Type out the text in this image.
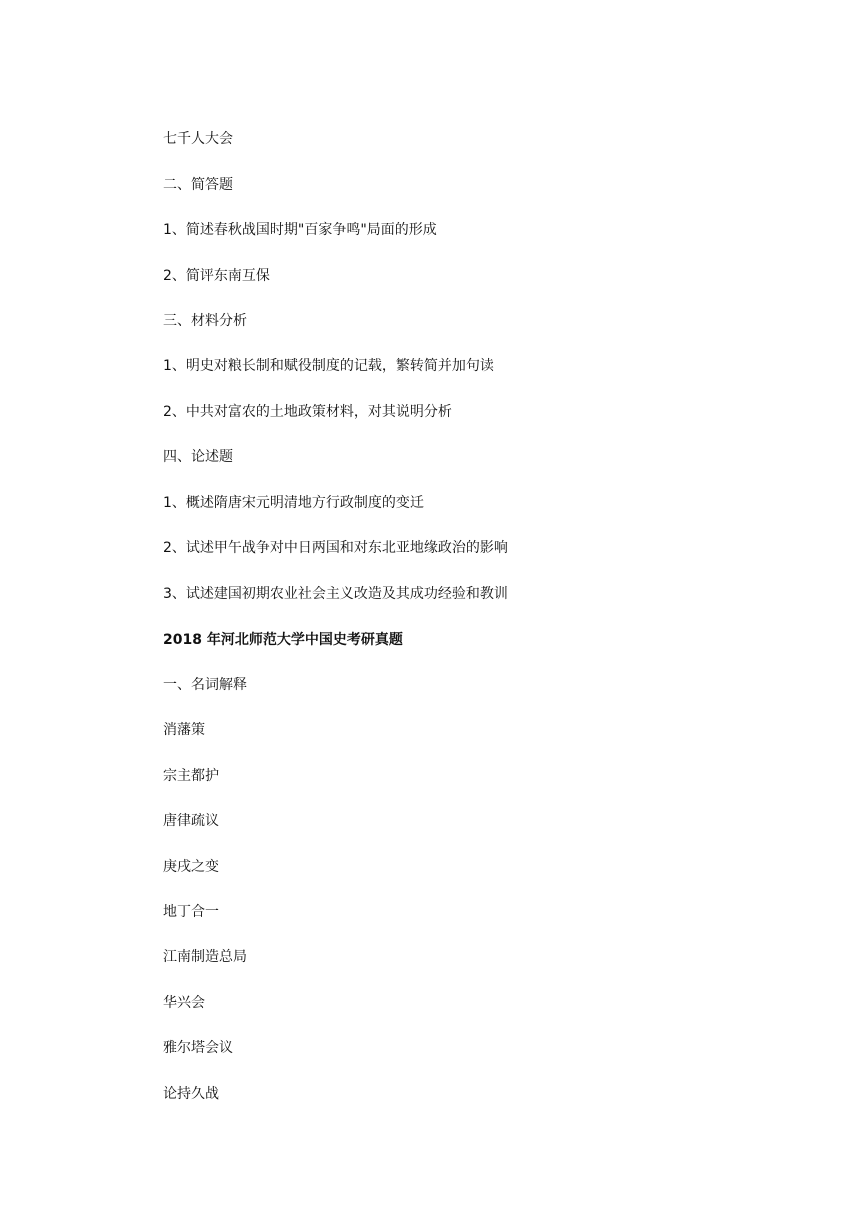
七千人大会
二、简答题
1、简述春秋战国时期"百家争鸣"局面的形成
2、简评东南互保
三、材料分析
1、明史对粮长制和赋役制度的记载，繁转简并加句读
2、中共对富农的土地政策材料，对其说明分析
四、论述题
1、概述隋唐宋元明清地方行政制度的变迁
2、试述甲午战争对中日两国和对东北亚地缘政治的影响
3、试述建国初期农业社会主义改造及其成功经验和教训
2018 年河北师范大学中国史考研真题
一、名词解释
消藩策
宗主都护
唐律疏议
庚戌之变
地丁合一
江南制造总局
华兴会
雅尔塔会议
论持久战
